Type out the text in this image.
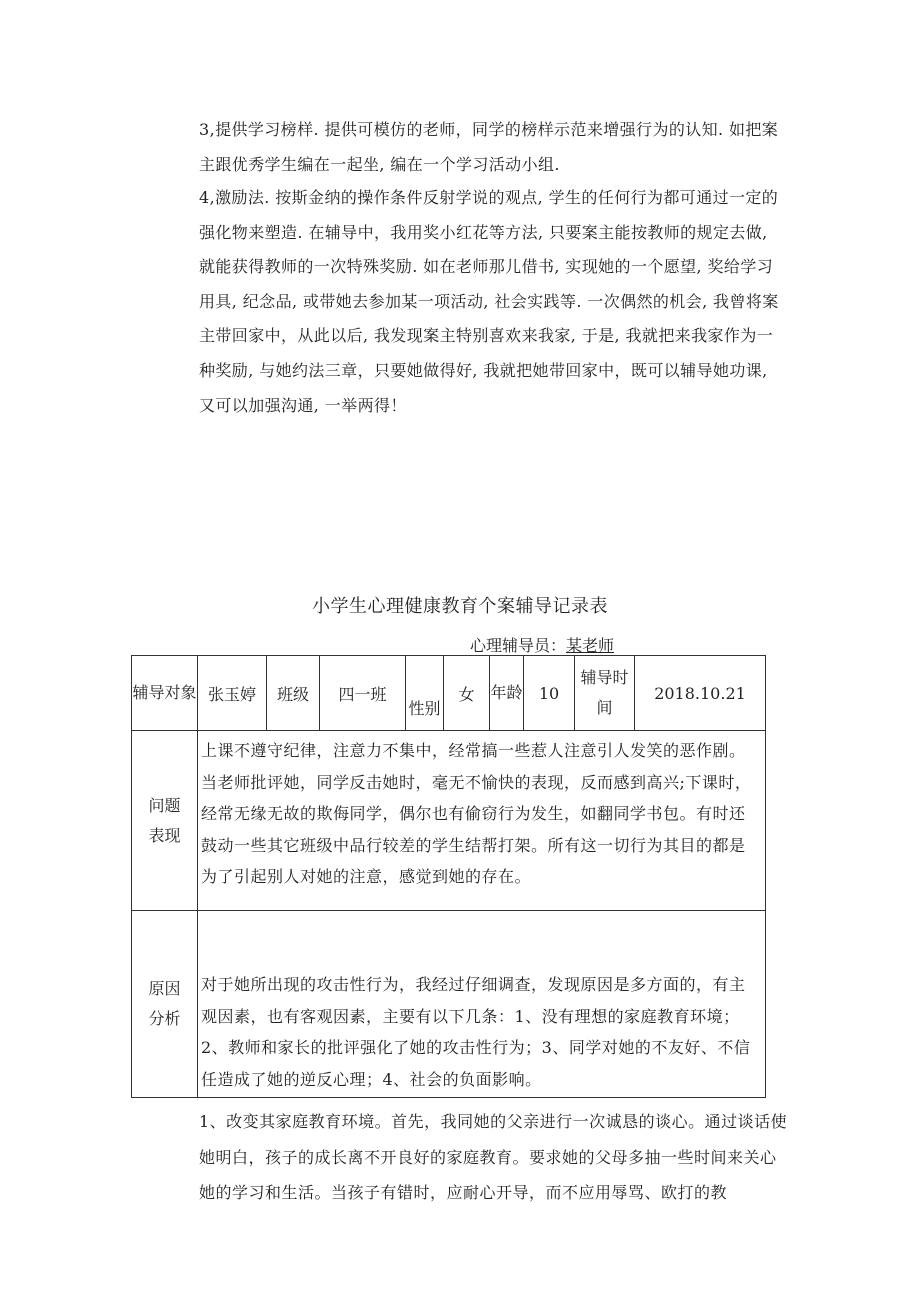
3,提供学习榜样. 提供可模仿的老师，同学的榜样示范来增强行为的认知. 如把案主跟优秀学生编在一起坐, 编在一个学习活动小组.

4,激励法. 按斯金纳的操作条件反射学说的观点, 学生的任何行为都可通过一定的强化物来塑造. 在辅导中，我用奖小红花等方法, 只要案主能按教师的规定去做, 就能获得教师的一次特殊奖励. 如在老师那儿借书, 实现她的一个愿望, 奖给学习用具, 纪念品, 或带她去参加某一项活动, 社会实践等. 一次偶然的机会, 我曾将案主带回家中，从此以后, 我发现案主特别喜欢来我家, 于是, 我就把来我家作为一种奖励, 与她约法三章，只要她做得好, 我就把她带回家中，既可以辅导她功课, 又可以加强沟通, 一举两得！

小学生心理健康教育个案辅导记录表
心理辅导员：某老师
辅导对象	张玉婷	班级	四一班	性别	女	年龄	10	辅导时间	2018.10.21
问题表现	上课不遵守纪律，注意力不集中，经常搞一些惹人注意引人发笑的恶作剧。当老师批评她，同学反击她时，毫无不愉快的表现，反而感到高兴;下课时，经常无缘无故的欺侮同学，偶尔也有偷窃行为发生，如翻同学书包。有时还鼓动一些其它班级中品行较差的学生结帮打架。所有这一切行为其目的都是为了引起别人对她的注意，感觉到她的存在。								
原因分析	对于她所出现的攻击性行为，我经过仔细调查，发现原因是多方面的，有主观因素，也有客观因素，主要有以下几条：1、没有理想的家庭教育环境；2、教师和家长的批评强化了她的攻击性行为；3、同学对她的不友好、不信任造成了她的逆反心理；4、社会的负面影响。								

1、改变其家庭教育环境。首先，我同她的父亲进行一次诚恳的谈心。通过谈话使她明白，孩子的成长离不开良好的家庭教育。要求她的父母多抽一些时间来关心她的学习和生活。当孩子有错时，应耐心开导，而不应用辱骂、欧打的教
